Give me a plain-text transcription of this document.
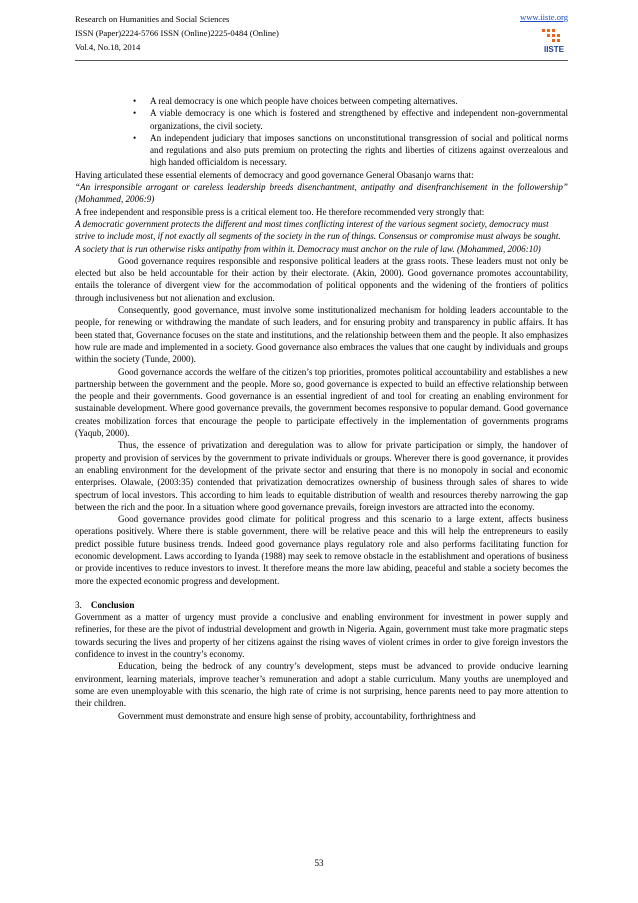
Research on Humanities and Social Sciences
ISSN (Paper)2224-5766 ISSN (Online)2225-0484 (Online)
Vol.4, No.18, 2014
www.iiste.org
IISTE
• A real democracy is one which people have choices between competing alternatives.
• A viable democracy is one which is fostered and strengthened by effective and independent non-governmental organizations, the civil society.
• An independent judiciary that imposes sanctions on unconstitutional transgression of social and political norms and regulations and also puts premium on protecting the rights and liberties of citizens against overzealous and high handed officialdom is necessary.

Having articulated these essential elements of democracy and good governance General Obasanjo warns that:

“An irresponsible arrogant or careless leadership breeds disenchantment, antipathy and disenfranchisement in the followership” (Mohammed, 2006:9)

A free independent and responsible press is a critical element too. He therefore recommended very strongly that:

A democratic government protects the different and most times conflicting interest of the various segment society, democracy must strive to include most, if not exactly all segments of the society in the run of things. Consensus or compromise must always be sought. A society that is run otherwise risks antipathy from within it. Democracy must anchor on the rule of law. (Mohammed, 2006:10)

Good governance requires responsible and responsive political leaders at the grass roots. These leaders must not only be elected but also be held accountable for their action by their electorate. (Akin, 2000). Good governance promotes accountability, entails the tolerance of divergent view for the accommodation of political opponents and the widening of the frontiers of politics through inclusiveness but not alienation and exclusion.

Consequently, good governance, must involve some institutionalized mechanism for holding leaders accountable to the people, for renewing or withdrawing the mandate of such leaders, and for ensuring probity and transparency in public affairs. It has been stated that, Governance focuses on the state and institutions, and the relationship between them and the people. It also emphasizes how rule are made and implemented in a society. Good governance also embraces the values that one caught by individuals and groups within the society (Tunde, 2000).

Good governance accords the welfare of the citizen’s top priorities, promotes political accountability and establishes a new partnership between the government and the people. More so, good governance is expected to build an effective relationship between the people and their governments. Good governance is an essential ingredient of and tool for creating an enabling environment for sustainable development. Where good governance prevails, the government becomes responsive to popular demand. Good governance creates mobilization forces that encourage the people to participate effectively in the implementation of governments programs (Yaqub, 2000).

Thus, the essence of privatization and deregulation was to allow for private participation or simply, the handover of property and provision of services by the government to private individuals or groups. Wherever there is good governance, it provides an enabling environment for the development of the private sector and ensuring that there is no monopoly in social and economic enterprises. Olawale, (2003:35) contended that privatization democratizes ownership of business through sales of shares to wide spectrum of local investors. This according to him leads to equitable distribution of wealth and resources thereby narrowing the gap between the rich and the poor. In a situation where good governance prevails, foreign investors are attracted into the economy.

Good governance provides good climate for political progress and this scenario to a large extent, affects business operations positively. Where there is stable government, there will be relative peace and this will help the entrepreneurs to easily predict possible future business trends. Indeed good governance plays regulatory role and also performs facilitating function for economic development. Laws according to Iyanda (1988) may seek to remove obstacle in the establishment and operations of business or provide incentives to reduce investors to invest. It therefore means the more law abiding, peaceful and stable a society becomes the more the expected economic progress and development.

3. Conclusion

Government as a matter of urgency must provide a conclusive and enabling environment for investment in power supply and refineries, for these are the pivot of industrial development and growth in Nigeria. Again, government must take more pragmatic steps towards securing the lives and property of her citizens against the rising waves of violent crimes in order to give foreign investors the confidence to invest in the country’s economy.

Education, being the bedrock of any country’s development, steps must be advanced to provide onducive learning environment, learning materials, improve teacher’s remuneration and adopt a stable curriculum. Many youths are unemployed and some are even unemployable with this scenario, the high rate of crime is not surprising, hence parents need to pay more attention to their children.

Government must demonstrate and ensure high sense of probity, accountability, forthrightness and

53
